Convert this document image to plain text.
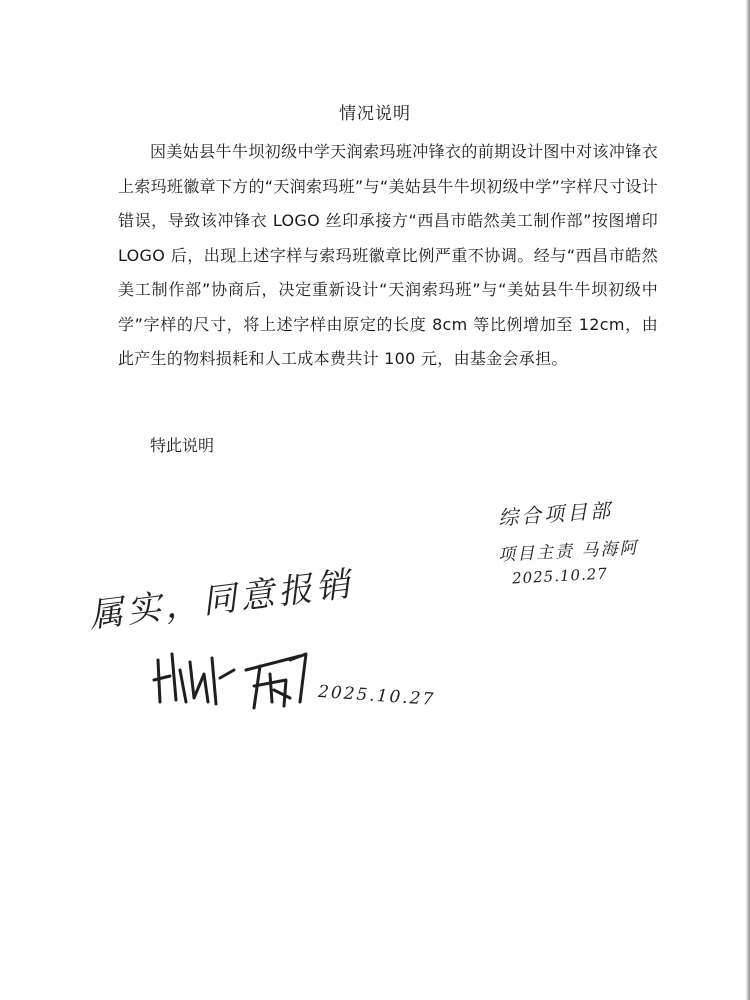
情况说明

因美姑县牛牛坝初级中学天润索玛班冲锋衣的前期设计图中对该冲锋衣上索玛班徽章下方的“天润索玛班”与“美姑县牛牛坝初级中学”字样尺寸设计错误，导致该冲锋衣 LOGO 丝印承接方“西昌市皓然美工制作部”按图增印 LOGO 后，出现上述字样与索玛班徽章比例严重不协调。经与“西昌市皓然美工制作部”协商后，决定重新设计“天润索玛班”与“美姑县牛牛坝初级中学”字样的尺寸，将上述字样由原定的长度 8cm 等比例增加至 12cm，由此产生的物料损耗和人工成本费共计 100 元，由基金会承担。

特此说明
综合项目部
项目主责 马海阿
2025.10.27
属实，同意报销
2025.10.27
